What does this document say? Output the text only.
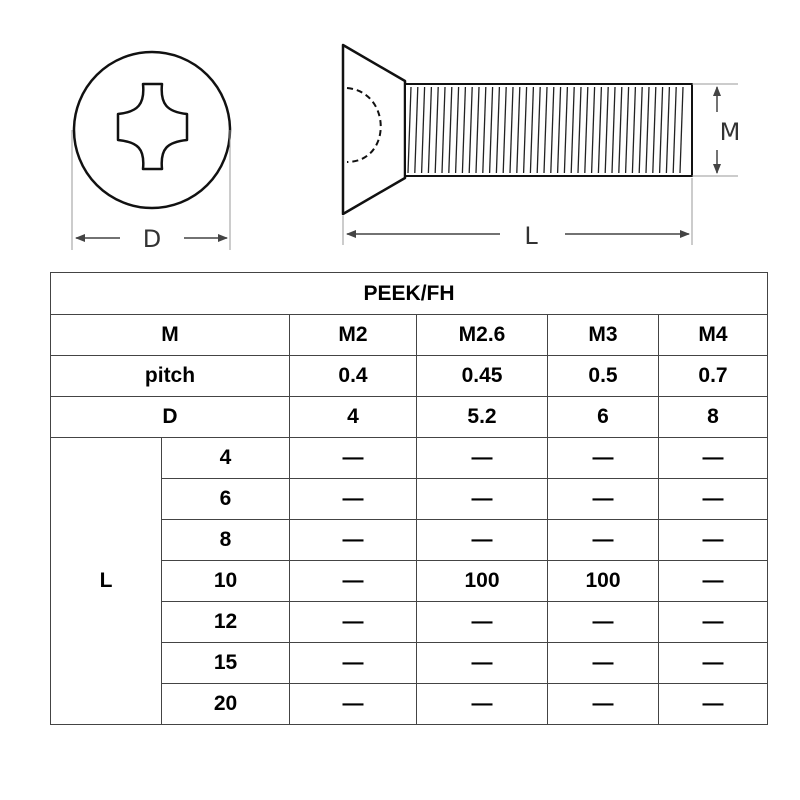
D
M
L
PEEK/FH					
M		M2	M2.6	M3	M4
pitch		0.4	0.45	0.5	0.7
D		4	5.2	6	8
L	4	—	—	—	—
	6	—	—	—	—
	8	—	—	—	—
	10	—	100	100	—
	12	—	—	—	—
	15	—	—	—	—
	20	—	—	—	—
